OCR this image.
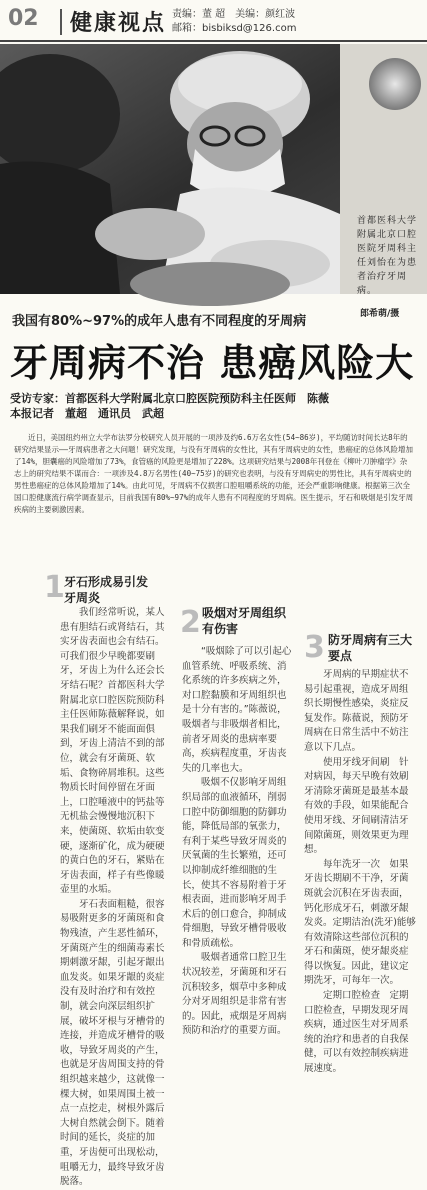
02 健康视点 责编：董 超　美编：颜红波
邮箱：bisbiksd@126.com
首都医科大学附属北京口腔医院牙周科主任刘怡在为患者治疗牙周病。
郎希萌/摄
我国有80%~97%的成年人患有不同程度的牙周病
牙周病不治 患癌风险大
受访专家：首都医科大学附属北京口腔医院预防科主任医师　陈薇
本报记者　董超　通讯员　武超
近日，美国纽约州立大学布法罗分校研究人员开展的一项涉及约6.6万名女性(54~86岁)，平均随访时间长达8年的研究结果显示——牙周病患者之大问题！研究发现，与没有牙周病的女性比，其有牙周病史的女性，患癌症的总体风险增加了14%，胆囊癌的风险增加了73%，食管癌的风险更是增加了228%。这项研究结果与2008年刊登在《柳叶刀肿瘤学》杂志上的研究结果不谋而合：一项涉及4.8万名男性(40~75岁)的研究也表明，与没有牙周病史的男性比，具有牙周病史的男性患癌症的总体风险增加了14%。由此可见，牙周病不仅损害口腔咀嚼系统的功能，还会严重影响健康。根据第三次全国口腔健康流行病学调查显示，目前我国有80%~97%的成年人患有不同程度的牙周病。医生提示，牙石和吸烟是引发牙周疾病的主要刺激因素。
1 牙石形成易引发牙周炎

我们经常听说，某人患有胆结石或肾结石，其实牙齿表面也会有结石。可我们很少早晚都要刷牙，牙齿上为什么还会长牙结石呢？首都医科大学附属北京口腔医院预防科主任医师陈薇解释说，如果我们刷牙不能面面俱到，牙齿上清洁不到的部位，就会有牙菌斑、软垢、食物碎屑堆积。这些物质长时间停留在牙面上，口腔唾液中的钙盐等无机盐会慢慢地沉积下来，使菌斑、软垢由软变硬，逐渐矿化，成为硬硬的黄白色的牙石，紧贴在牙齿表面，样子有些像暖壶里的水垢。

牙石表面粗糙，很容易吸附更多的牙菌斑和食物残渣，产生恶性循环，牙菌斑产生的细菌毒素长期刺激牙龈，引起牙龈出血发炎。如果牙龈的炎症没有及时治疗和有效控制，就会向深层组织扩展，破坏牙根与牙槽骨的连接，并造成牙槽骨的吸收，导致牙周炎的产生，也就是牙齿周围支持的骨组织越来越少，这就像一棵大树，如果周围土被一点一点挖走，树根外露后大树自然就会倒下。随着时间的延长，炎症的加重，牙齿便可出现松动，咀嚼无力，最终导致牙齿脱落。

2 吸烟对牙周组织有伤害

“吸烟除了可以引起心血管系统、呼吸系统、消化系统的许多疾病之外，对口腔黏膜和牙周组织也是十分有害的。”陈薇说，吸烟者与非吸烟者相比，前者牙周炎的患病率要高，疾病程度重，牙齿丧失的几率也大。

吸烟不仅影响牙周组织局部的血液循环，削弱口腔中防御细胞的防御功能，降低局部的氧张力，有利于某些导致牙周炎的厌氧菌的生长繁殖，还可以抑制成纤维细胞的生长，使其不容易附着于牙根表面，进而影响牙周手术后的创口愈合，抑制成骨细胞，导致牙槽骨吸收和骨质疏松。

吸烟者通常口腔卫生状况较差，牙菌斑和牙石沉积较多，烟草中多种成分对牙周组织是非常有害的。因此，戒烟是牙周病预防和治疗的重要方面。

3 防牙周病有三大要点

牙周病的早期症状不易引起重视，造成牙周组织长期慢性感染，炎症反复发作。陈薇说，预防牙周病在日常生活中不妨注意以下几点。

使用牙线牙间刷　针对病因，每天早晚有效刷牙清除牙菌斑是最基本最有效的手段，如果能配合使用牙线、牙间刷清洁牙间隙菌斑，则效果更为理想。

每年洗牙一次　如果牙齿长期刷不干净，牙菌斑就会沉积在牙齿表面，钙化形成牙石，刺激牙龈发炎。定期洁治(洗牙)能够有效清除这些部位沉积的牙石和菌斑，使牙龈炎症得以恢复。因此，建议定期洗牙，可每年一次。

定期口腔检查　定期口腔检查，早期发现牙周疾病，通过医生对牙周系统的治疗和患者的自我保健，可以有效控制疾病进展速度。
